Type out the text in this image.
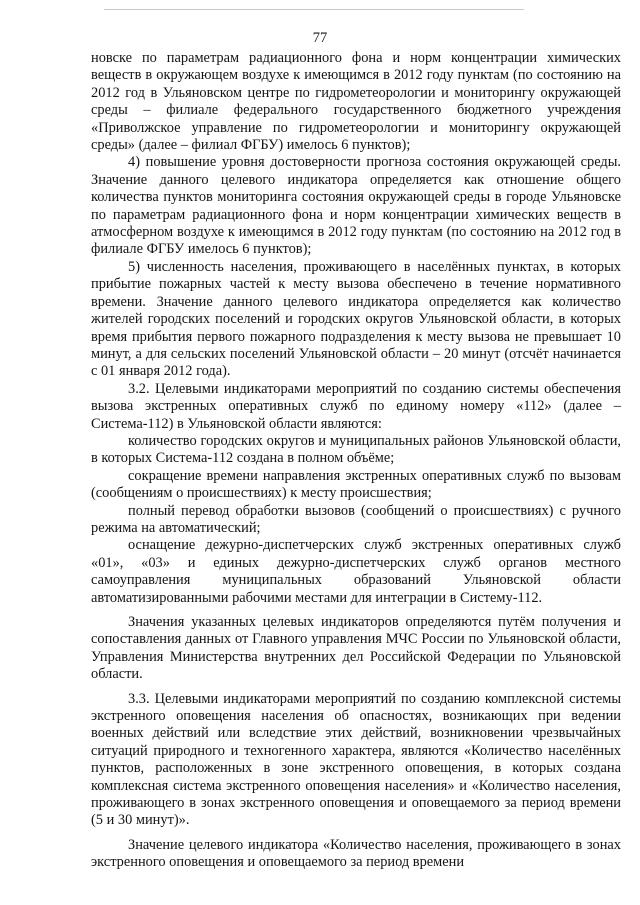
77

новске по параметрам радиационного фона и норм концентрации химических веществ в окружающем воздухе к имеющимся в 2012 году пунктам (по состоянию на 2012 год в Ульяновском центре по гидрометеорологии и мониторингу окружающей среды – филиале федерального государственного бюджетного учреждения «Приволжское управление по гидрометеорологии и мониторингу окружающей среды» (далее – филиал ФГБУ) имелось 6 пунктов);

4) повышение уровня достоверности прогноза состояния окружающей среды. Значение данного целевого индикатора определяется как отношение общего количества пунктов мониторинга состояния окружающей среды в городе Ульяновске по параметрам радиационного фона и норм концентрации химических веществ в атмосферном воздухе к имеющимся в 2012 году пунктам (по состоянию на 2012 год в филиале ФГБУ имелось 6 пунктов);

5) численность населения, проживающего в населённых пунктах, в которых прибытие пожарных частей к месту вызова обеспечено в течение нормативного времени. Значение данного целевого индикатора определяется как количество жителей городских поселений и городских округов Ульяновской области, в которых время прибытия первого пожарного подразделения к месту вызова не превышает 10 минут, а для сельских поселений Ульяновской области – 20 минут (отсчёт начинается с 01 января 2012 года).

3.2. Целевыми индикаторами мероприятий по созданию системы обеспечения вызова экстренных оперативных служб по единому номеру «112» (далее – Система-112) в Ульяновской области являются:

количество городских округов и муниципальных районов Ульяновской области, в которых Система-112 создана в полном объёме;

сокращение времени направления экстренных оперативных служб по вызовам (сообщениям о происшествиях) к месту происшествия;

полный перевод обработки вызовов (сообщений о происшествиях) с ручного режима на автоматический;

оснащение дежурно-диспетчерских служб экстренных оперативных служб «01», «03» и единых дежурно-диспетчерских служб органов местного самоуправления муниципальных образований Ульяновской области автоматизированными рабочими местами для интеграции в Систему-112.

Значения указанных целевых индикаторов определяются путём получения и сопоставления данных от Главного управления МЧС России по Ульяновской области, Управления Министерства внутренних дел Российской Федерации по Ульяновской области.

3.3. Целевыми индикаторами мероприятий по созданию комплексной системы экстренного оповещения населения об опасностях, возникающих при ведении военных действий или вследствие этих действий, возникновении чрезвычайных ситуаций природного и техногенного характера, являются «Количество населённых пунктов, расположенных в зоне экстренного оповещения, в которых создана комплексная система экстренного оповещения населения» и «Количество населения, проживающего в зонах экстренного оповещения и оповещаемого за период времени (5 и 30 минут)».

Значение целевого индикатора «Количество населения, проживающего в зонах экстренного оповещения и оповещаемого за период времени
